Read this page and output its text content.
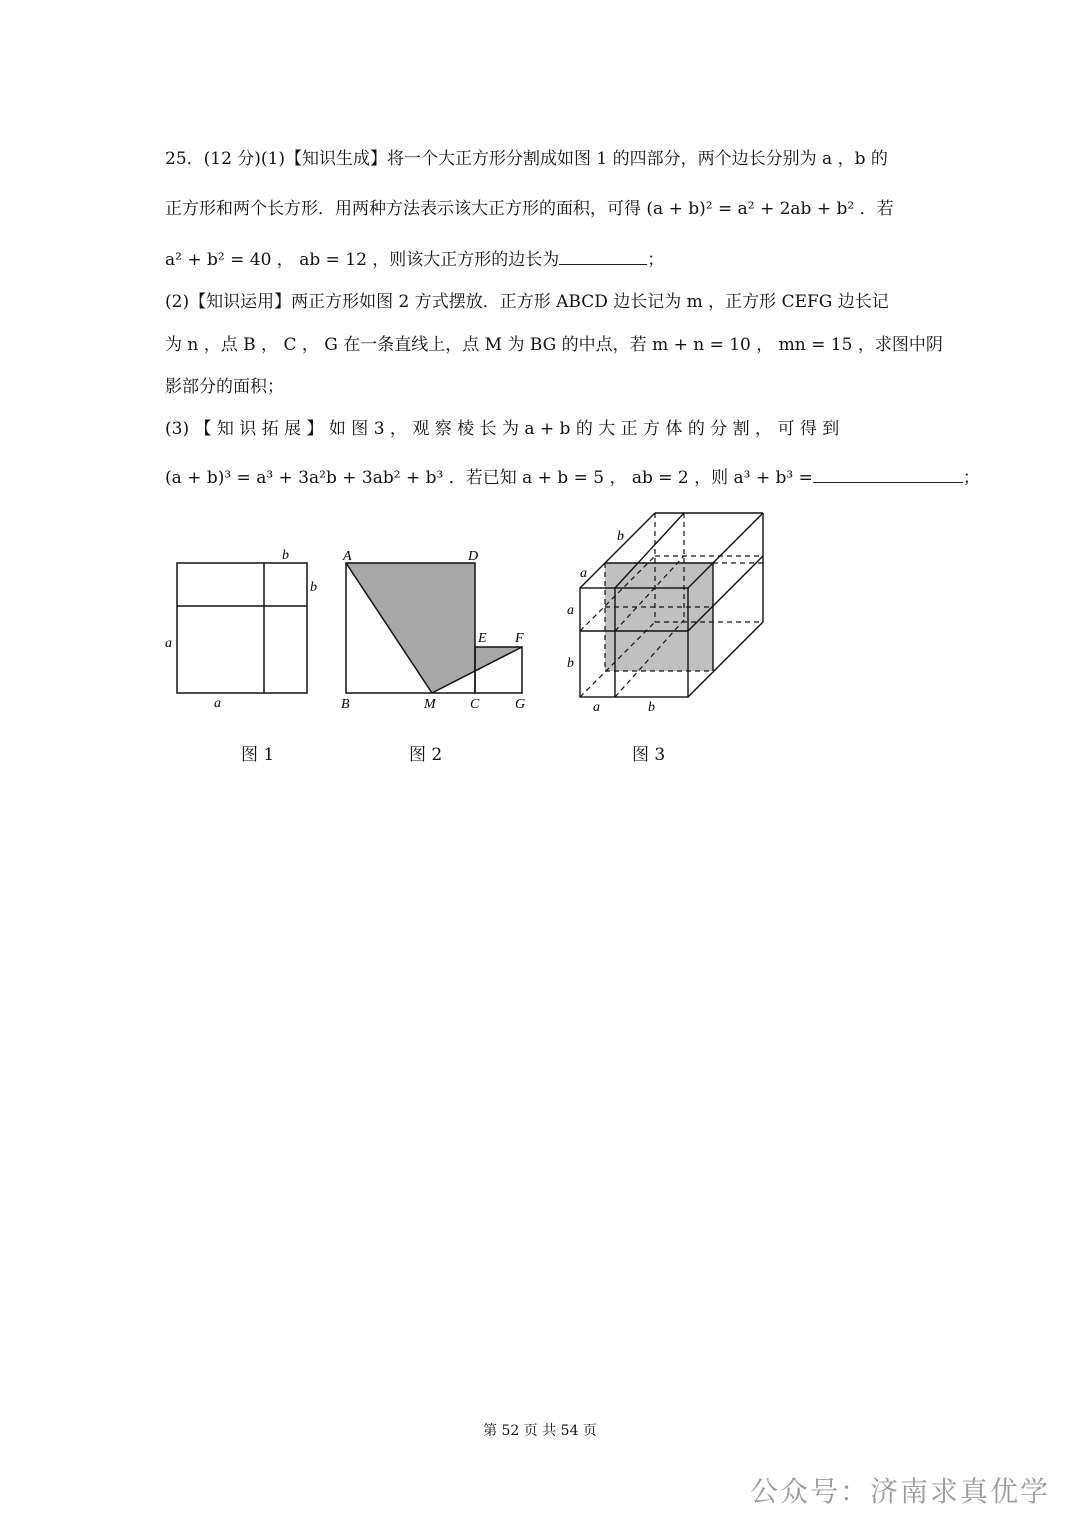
25．(12 分)(1)【知识生成】将一个大正方形分割成如图 1 的四部分，两个边长分别为 a ，b 的
正方形和两个长方形．用两种方法表示该大正方形的面积，可得 (a + b)² = a² + 2ab + b² ．若
a² + b² = 40 ， ab = 12 ，则该大正方形的边长为	；
(2)【知识运用】两正方形如图 2 方式摆放．正方形 ABCD 边长记为 m ，正方形 CEFG 边长记
为 n ，点 B ， C ， G 在一条直线上，点 M 为 BG 的中点，若 m + n = 10 ， mn = 15 ，求图中阴
影部分的面积；
(3) 【 知 识 拓 展 】 如 图 3 ， 观 察 棱 长 为 a + b 的 大 正 方 体 的 分 割 ， 可 得 到
(a + b)³ = a³ + 3a²b + 3ab² + b³ ．若已知 a + b = 5 ， ab = 2 ，则 a³ + b³ =	；
b
b
a
a
A	D
B	M C	G
E F
b
a
a
b
a	b
图 1	图 2	图 3
第 52 页 共 54 页
公众号：济南求真优学
